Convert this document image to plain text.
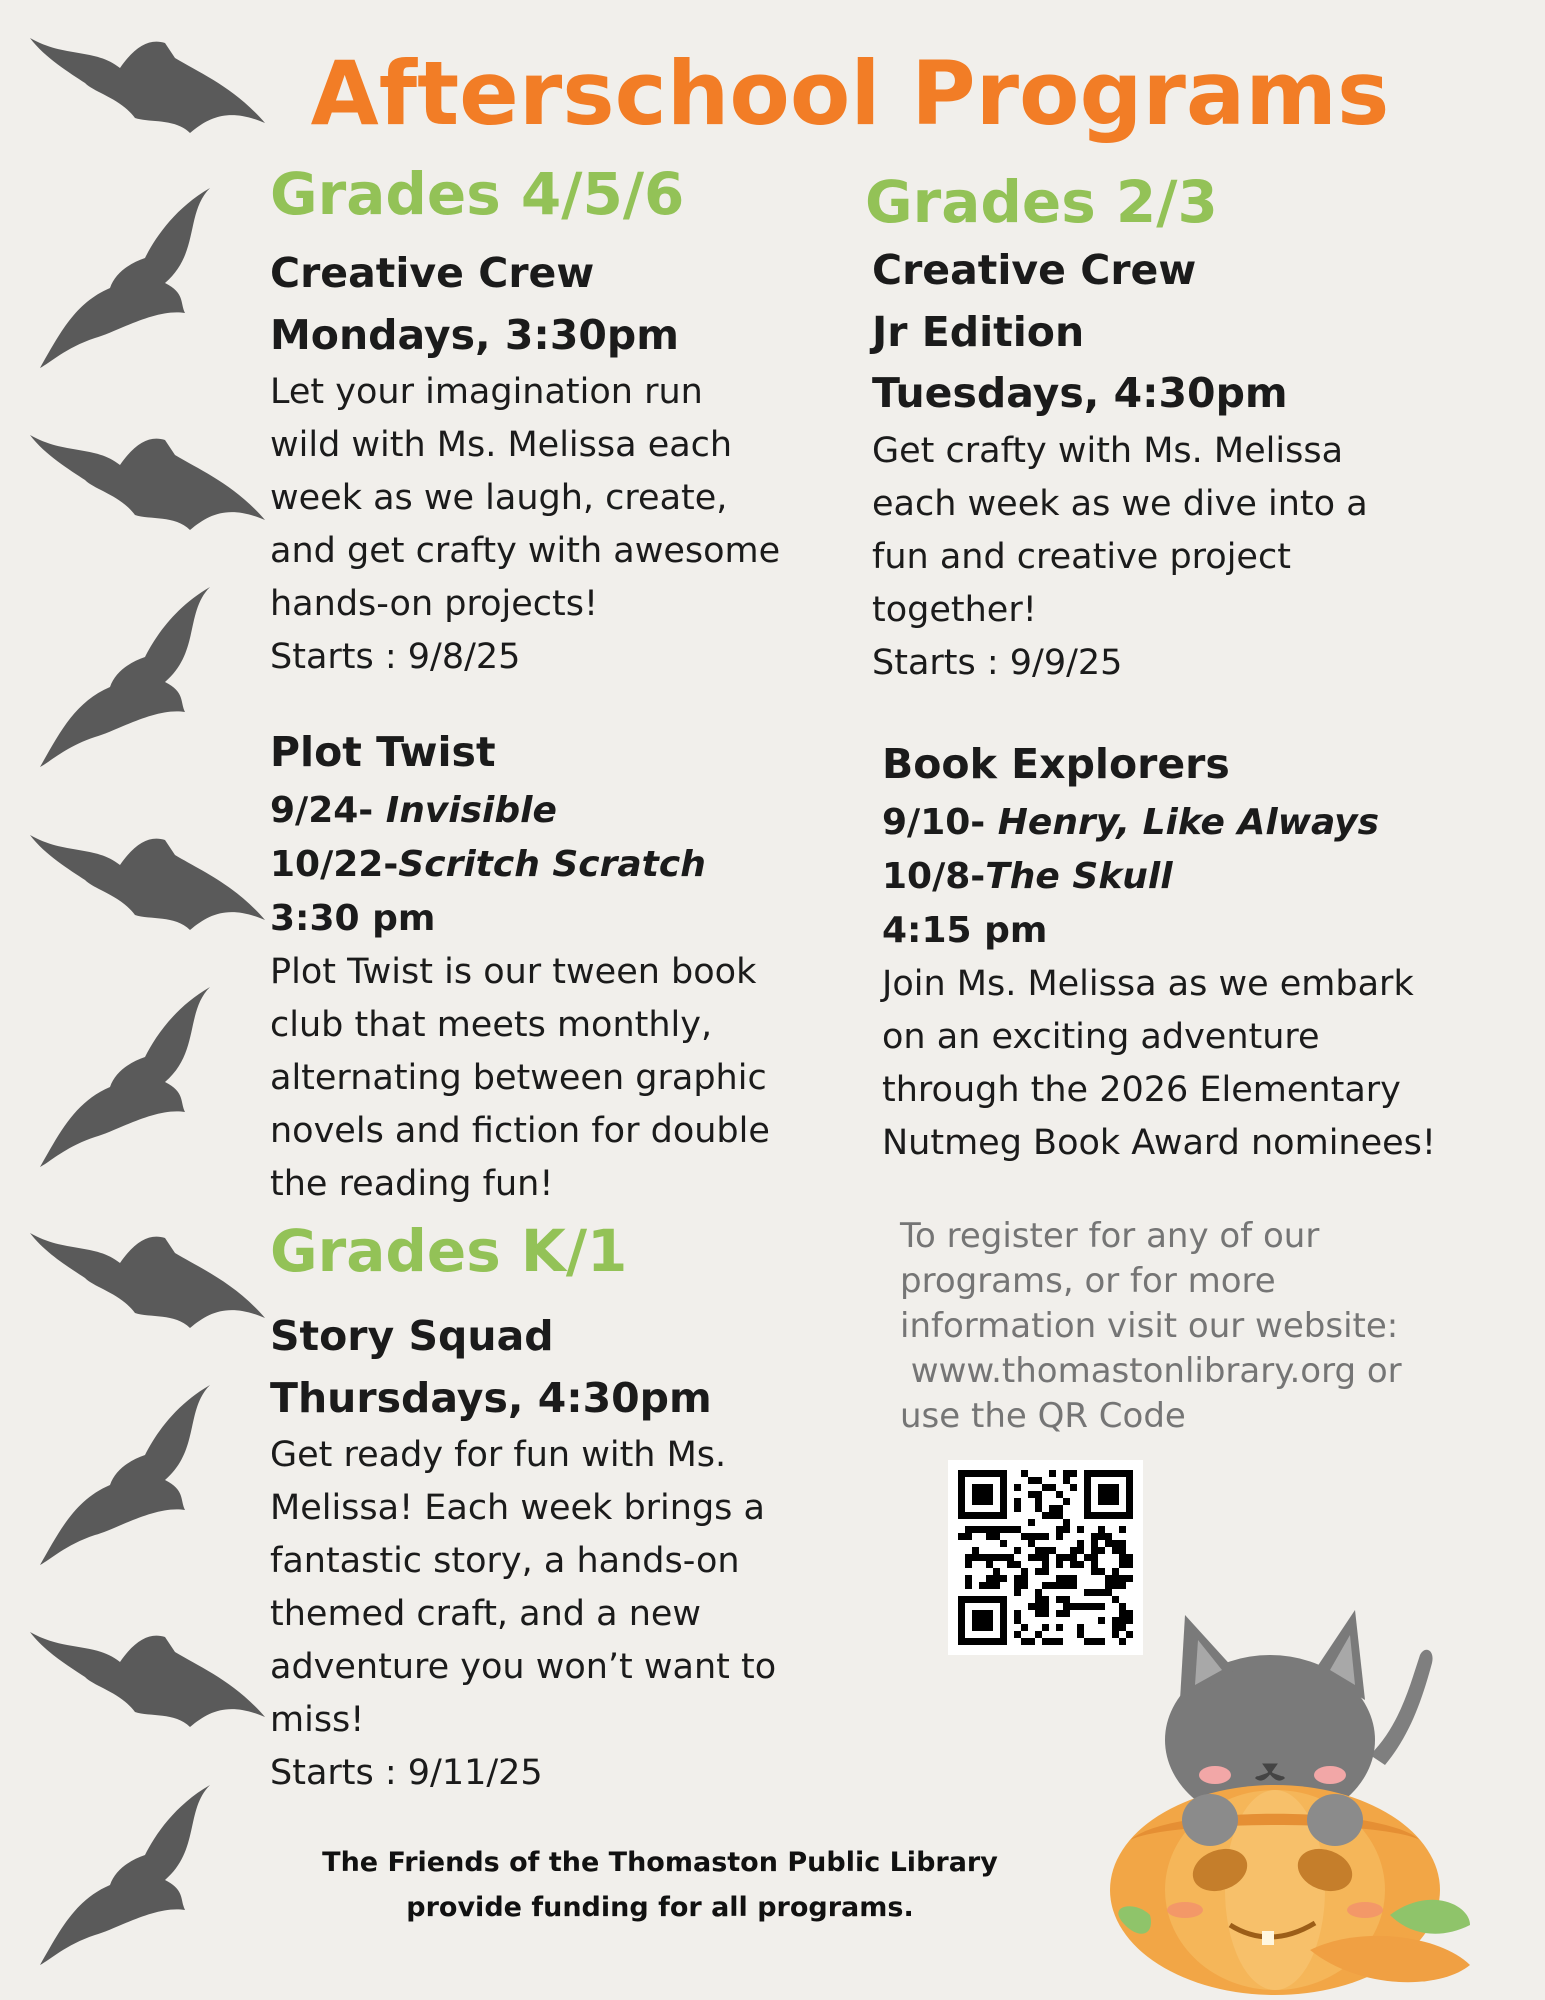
Afterschool Programs
Grades 4/5/6

Creative Crew

Mondays, 3:30pm

Let your imagination run

wild with Ms. Melissa each

week as we laugh, create,

and get crafty with awesome

hands-on projects!

Starts : 9/8/25

Plot Twist

9/24- Invisible

10/22-Scritch Scratch

3:30 pm

Plot Twist is our tween book

club that meets monthly,

alternating between graphic

novels and fiction for double

the reading fun!

Grades K/1

Story Squad

Thursdays, 4:30pm

Get ready for fun with Ms.

Melissa! Each week brings a

fantastic story, a hands-on

themed craft, and a new

adventure you won’t want to

miss!

Starts : 9/11/25

Grades 2/3

Creative Crew

Jr Edition

Tuesdays, 4:30pm

Get crafty with Ms. Melissa

each week as we dive into a

fun and creative project

together!

Starts : 9/9/25

Book Explorers

9/10- Henry, Like Always

10/8-The Skull

4:15 pm

Join Ms. Melissa as we embark

on an exciting adventure

through the 2026 Elementary

Nutmeg Book Award nominees!

To register for any of our
programs, or for more
information visit our website:
www.thomastonlibrary.org or
use the QR Code
The Friends of the Thomaston Public Library
provide funding for all programs.
